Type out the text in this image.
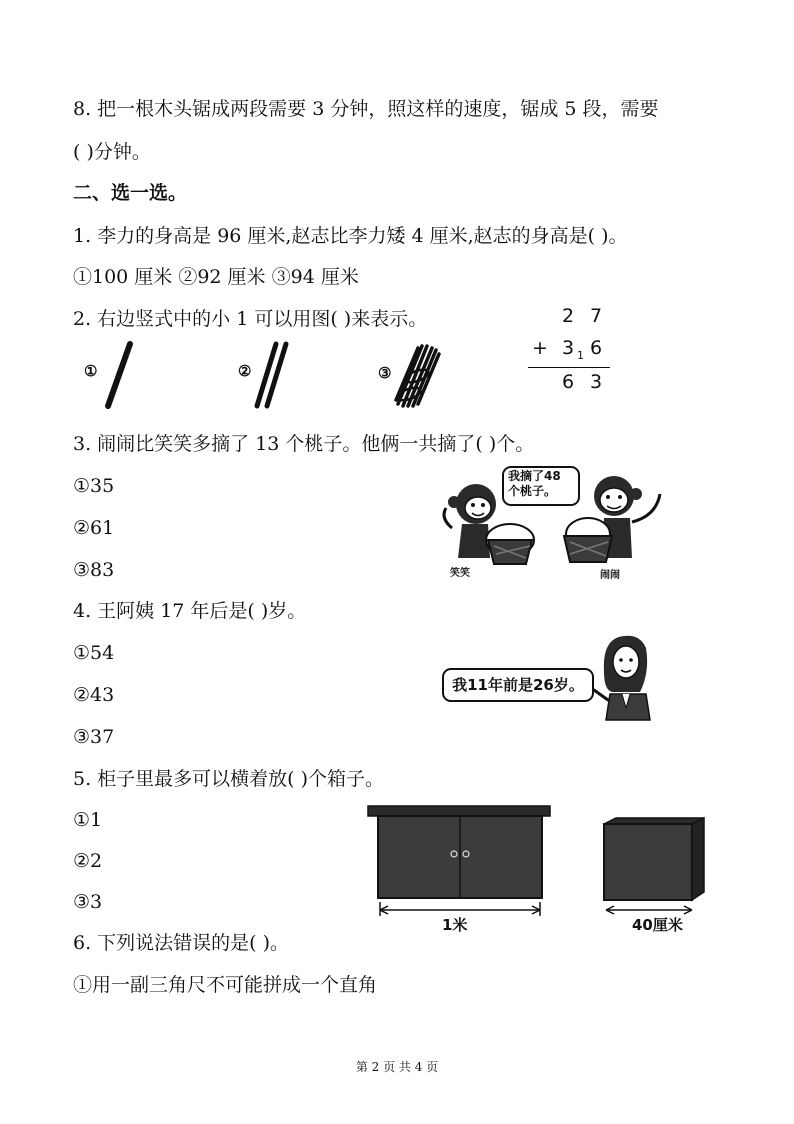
8. 把一根木头锯成两段需要 3 分钟，照这样的速度，锯成 5 段，需要
( )分钟。
二、选一选。
1. 李力的身高是 96 厘米,赵志比李力矮 4 厘米,赵志的身高是( )。
①100 厘米 ②92 厘米 ③94 厘米
2. 右边竖式中的小 1 可以用图( )来表示。
①	②	③
2 7
+ 3 1 6
6 3
3. 闹闹比笑笑多摘了 13 个桃子。他俩一共摘了( )个。
①35
②61
③83	笑笑
我摘了48
个桃子。
闹闹
4. 王阿姨 17 年后是( )岁。
①54
②43
③37
我11年前是26岁。
5. 柜子里最多可以横着放( )个箱子。
①1
②2
③3
1米	40厘米
6. 下列说法错误的是( )。
①用一副三角尺不可能拼成一个直角
第 2 页 共 4 页
